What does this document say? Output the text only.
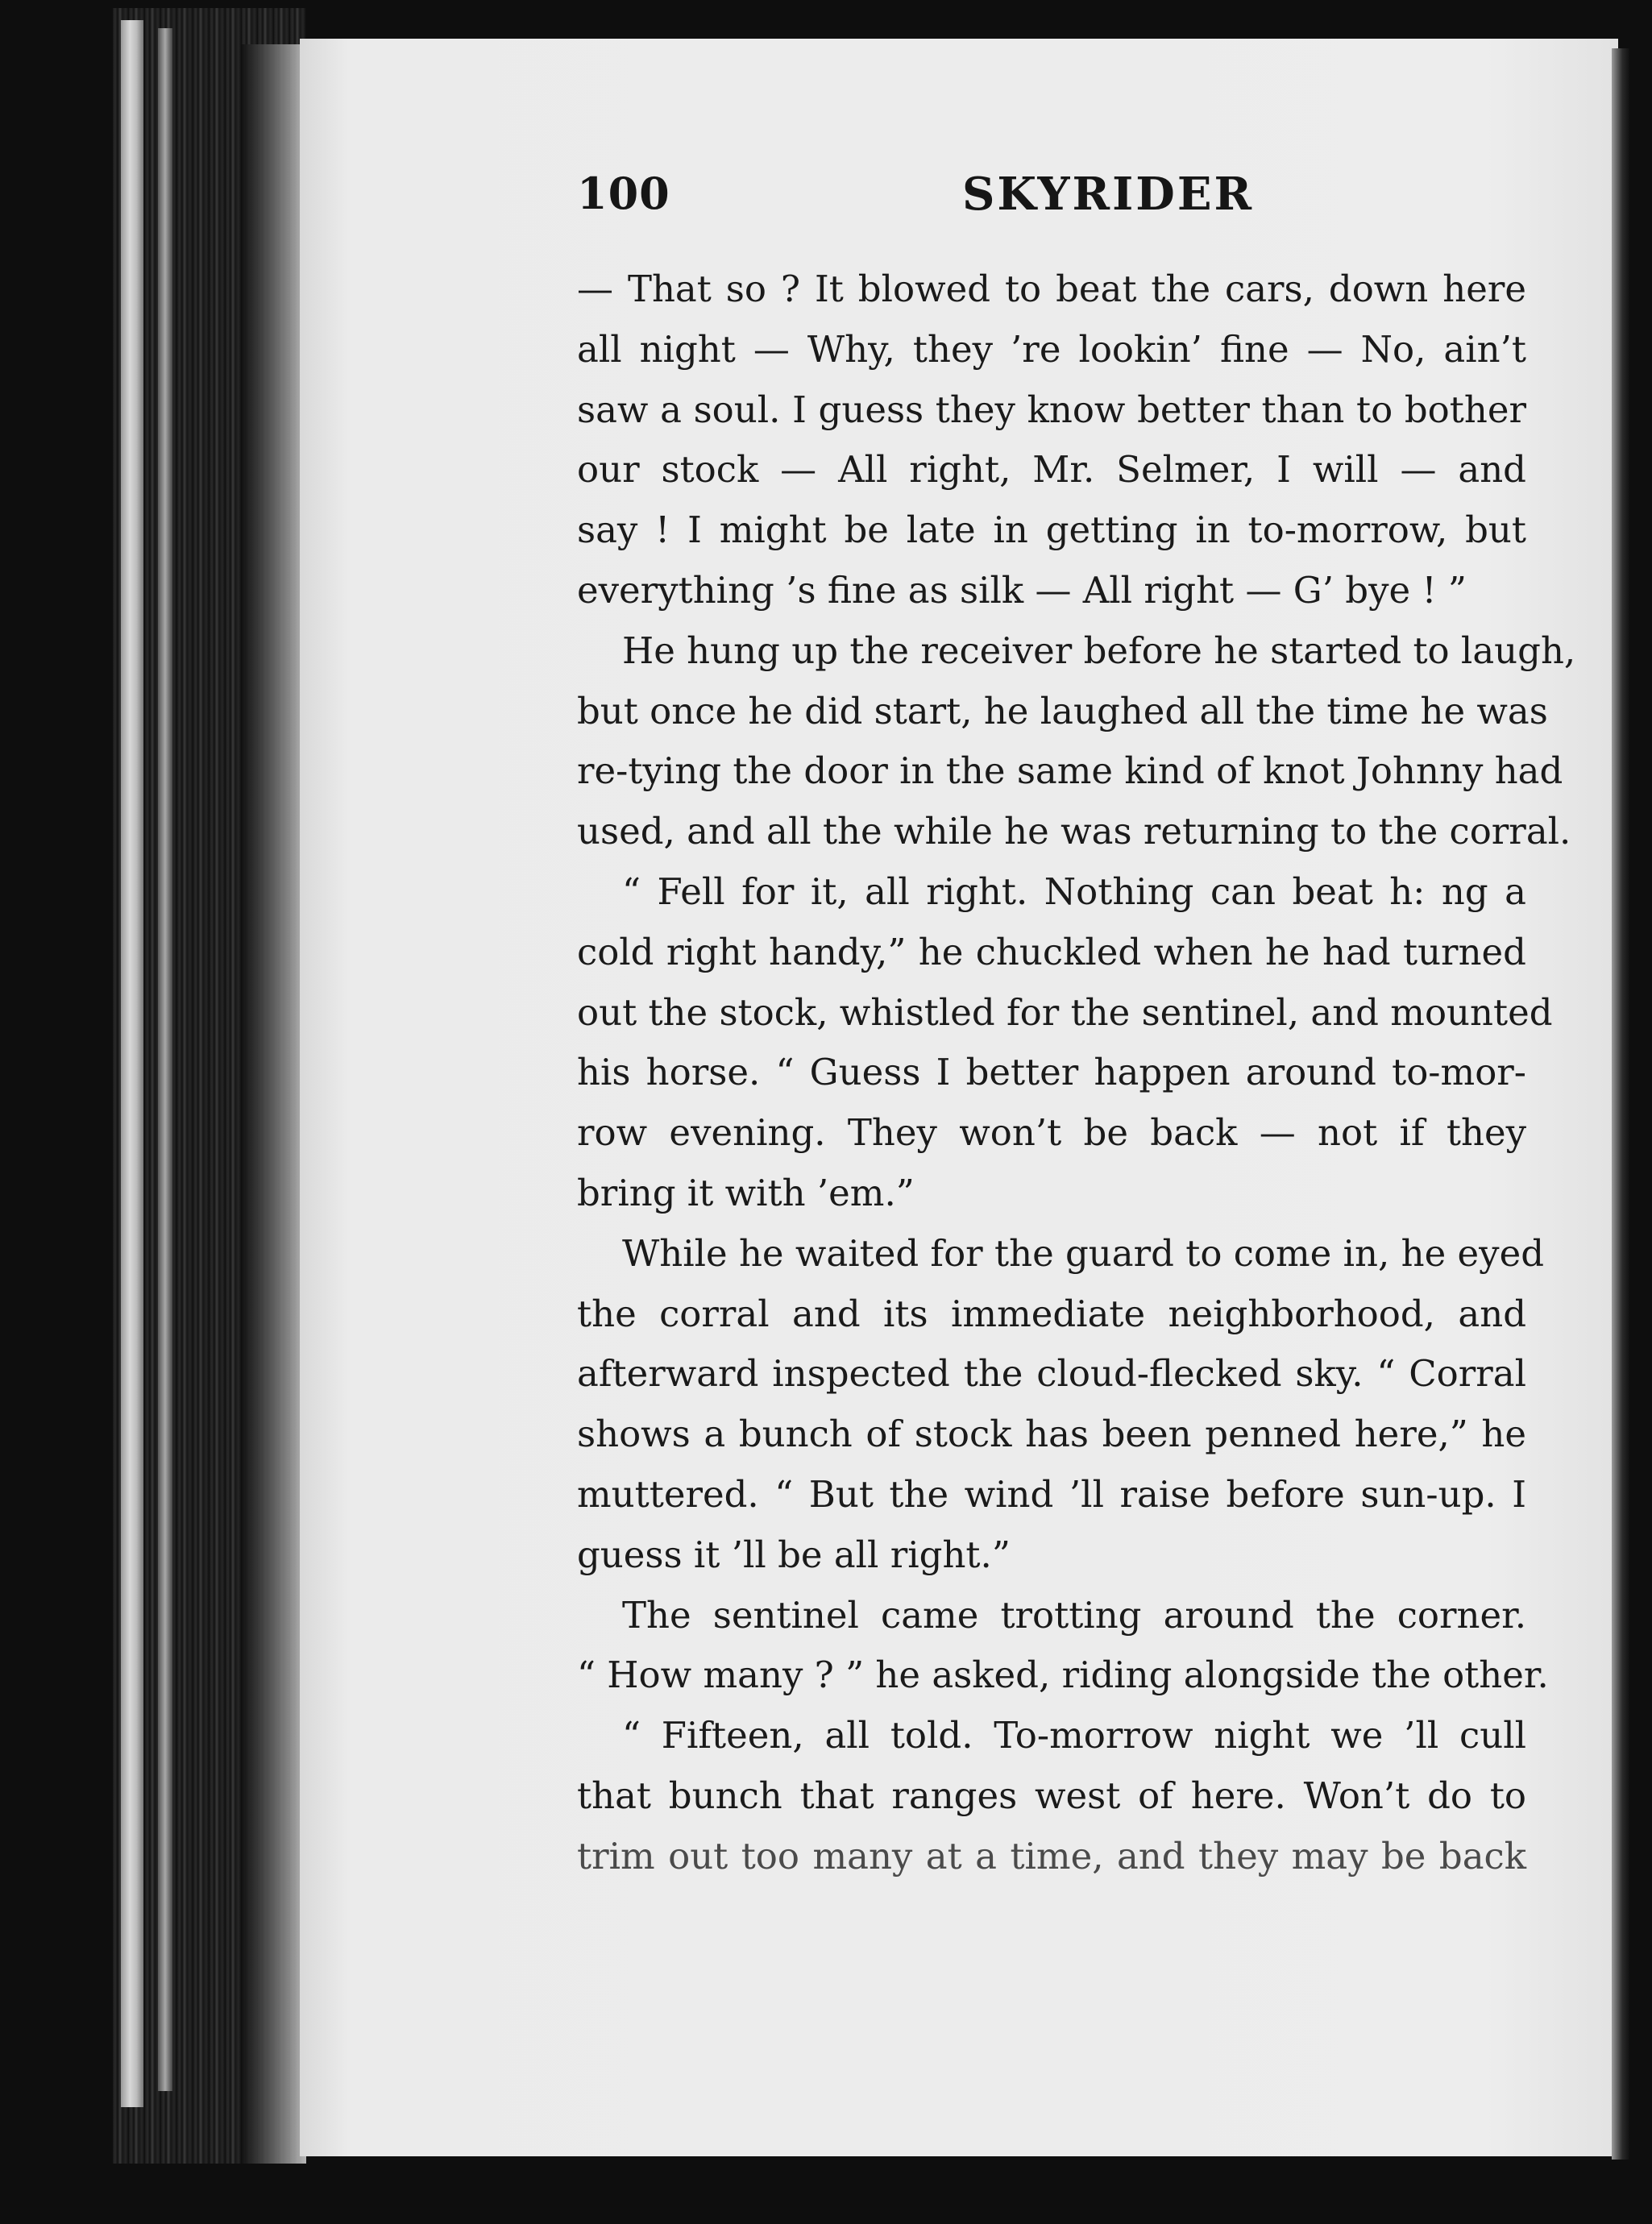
100	SKYRIDER
— That so ? It blowed to beat the cars, down here
all night — Why, they ’re lookin’ fine — No, ain’t
saw a soul. I guess they know better than to bother
our stock — All right, Mr. Selmer, I will — and
say ! I might be late in getting in to-morrow, but
everything ’s fine as silk — All right — G’ bye ! ”
He hung up the receiver before he started to laugh,
but once he did start, he laughed all the time he was
re-tying the door in the same kind of knot Johnny had
used, and all the while he was returning to the corral.
“ Fell for it, all right. Nothing can beat h: ng a
cold right handy,” he chuckled when he had turned
out the stock, whistled for the sentinel, and mounted
his horse. “ Guess I better happen around to-mor-
row evening. They won’t be back — not if they
bring it with ’em.”
While he waited for the guard to come in, he eyed
the corral and its immediate neighborhood, and
afterward inspected the cloud-flecked sky. “ Corral
shows a bunch of stock has been penned here,” he
muttered. “ But the wind ’ll raise before sun-up. I
guess it ’ll be all right.”
The sentinel came trotting around the corner.
“ How many ? ” he asked, riding alongside the other.
“ Fifteen, all told. To-morrow night we ’ll cull
that bunch that ranges west of here. Won’t do to
trim out too many at a time, and they may be back
